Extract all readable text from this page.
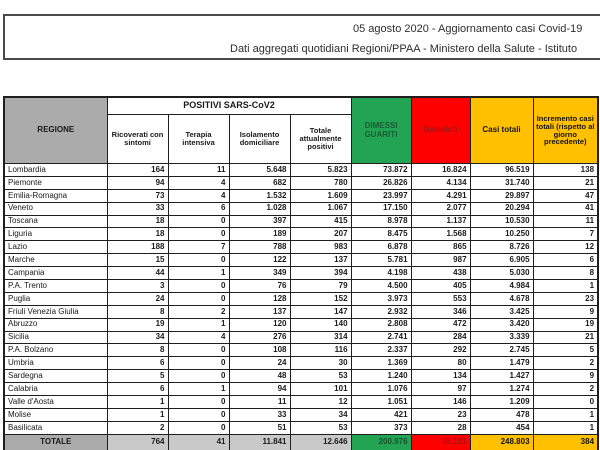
05 agosto 2020 - Aggiornamento casi Covid-19
Dati aggregati quotidiani Regioni/PPAA - Ministero della Salute - Istituto
REGIONE	POSITIVI SARS-CoV2				DIMESSI GUARITI	Deceduti	Casi totali	Incremento casi totali (rispetto al giorno precedente)
	Ricoverati con sintomi	Terapia intensiva	Isolamento domiciliare	Totale attualmente positivi				
Lombardia	164	11	5.648	5.823	73.872	16.824	96.519	138
Piemonte	94	4	682	780	26.826	4.134	31.740	21
Emilia-Romagna	73	4	1.532	1.609	23.997	4.291	29.897	47
Veneto	33	6	1.028	1.067	17.150	2.077	20.294	41
Toscana	18	0	397	415	8.978	1.137	10.530	11
Liguria	18	0	189	207	8.475	1.568	10.250	7
Lazio	188	7	788	983	6.878	865	8.726	12
Marche	15	0	122	137	5.781	987	6.905	6
Campania	44	1	349	394	4.198	438	5.030	8
P.A. Trento	3	0	76	79	4.500	405	4.984	1
Puglia	24	0	128	152	3.973	553	4.678	23
Friuli Venezia Giulia	8	2	137	147	2.932	346	3.425	9
Abruzzo	19	1	120	140	2.808	472	3.420	19
Sicilia	34	4	276	314	2.741	284	3.339	21
P.A. Bolzano	8	0	108	116	2.337	292	2.745	5
Umbria	6	0	24	30	1.369	80	1.479	2
Sardegna	5	0	48	53	1.240	134	1.427	9
Calabria	6	1	94	101	1.076	97	1.274	2
Valle d'Aosta	1	0	11	12	1.051	146	1.209	0
Molise	1	0	33	34	421	23	478	1
Basilicata	2	0	51	53	373	28	454	1
TOTALE	764	41	11.841	12.646	200.976	35.181	248.803	384
